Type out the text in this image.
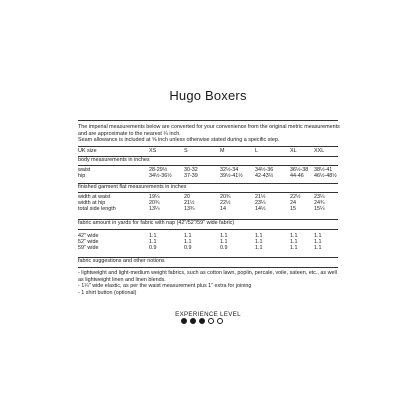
Hugo Boxers
The imperial measurements below are converted for your convenience from the original metric measurements and are approximate to the nearest ¼ inch.
Seam allowance is included at ⅝ inch unless otherwise stated during a specific step.
UK size	XS	S	M	L	XL	XXL
body measurements in inches
waist	28-29½	30-32	32½-34	34½-36	36½-38 38½-41
hip	34½-36½ 37-39	39½-41½ 42-43½	44-46 46½-48½
finished garment flat measurements in inches
width at waist	19¼	20	20¾	21½	22½	23¼
width at hip	20¾	21½	22½	23¼	24	24¾
total side length	13¼	13¾	14	14½	15	15¼
fabric amount in yards for fabric with nap (42"/52"/59" wide fabric)
42" wide	1.1	1.1	1.1	1.1	1.1	1.1
52" wide	1.1	1.1	1.1	1.1	1.1	1.1
59" wide	0.9	0.9	0.9	1.1	1.1	1.1
fabric suggestions and other notions
- lightweight and light-medium weight fabrics, such as cotton lawn, poplin, percale, voile, sateen, etc., as well as lightweight linen and linen blends.
- 1¼" wide elastic, as per the waist measurement plus 1" extra for joining
- 1 shirt button (optional)
EXPERIENCE LEVEL
